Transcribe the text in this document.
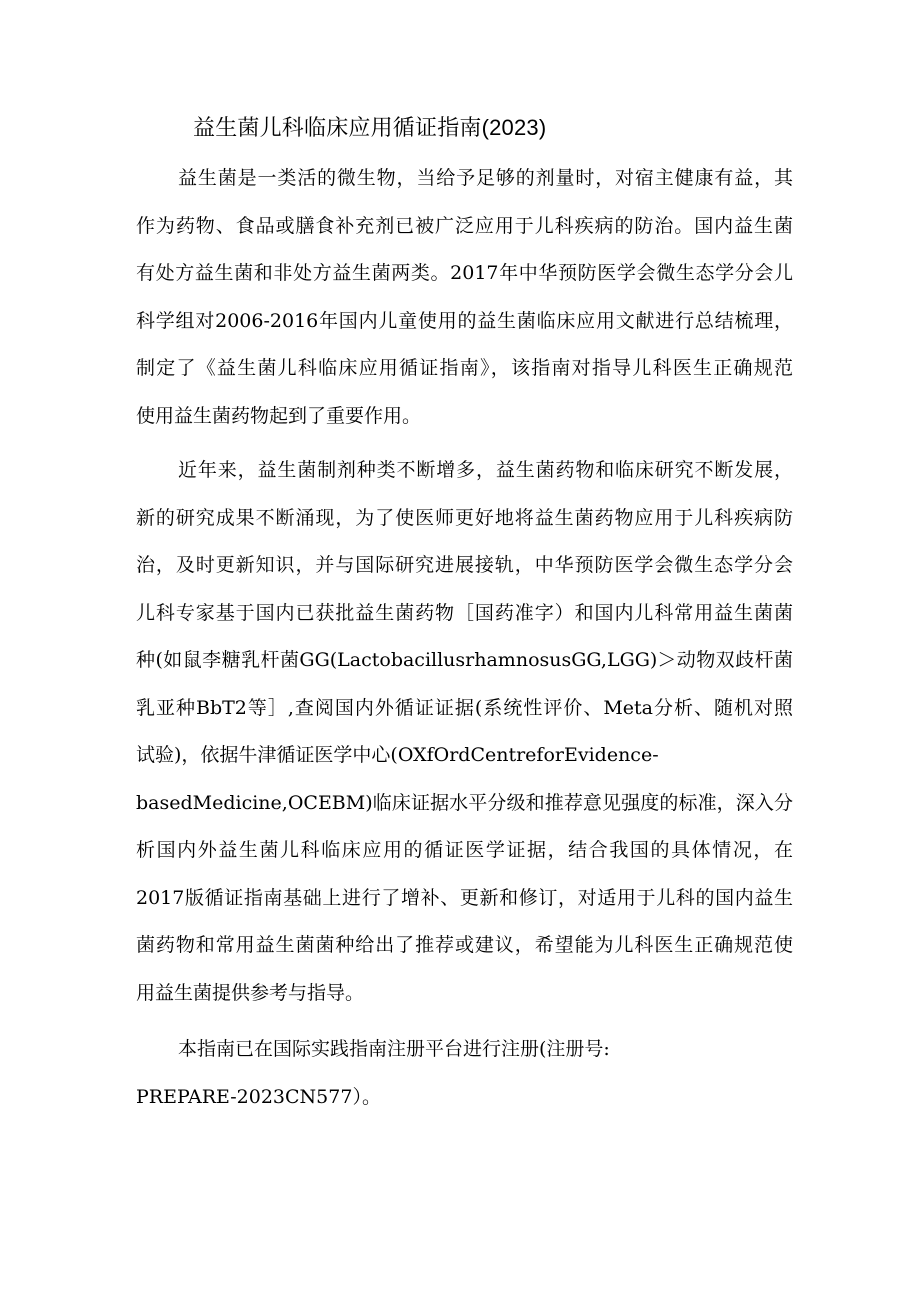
益生菌儿科临床应用循证指南(2023)
益生菌是一类活的微生物，当给予足够的剂量时，对宿主健康有益，其
作为药物、食品或膳食补充剂已被广泛应用于儿科疾病的防治。国内益生菌
有处方益生菌和非处方益生菌两类。2017年中华预防医学会微生态学分会儿
科学组对2006-2016年国内儿童使用的益生菌临床应用文献进行总结梳理，
制定了《益生菌儿科临床应用循证指南》，该指南对指导儿科医生正确规范
使用益生菌药物起到了重要作用。
近年来，益生菌制剂种类不断增多，益生菌药物和临床研究不断发展，
新的研究成果不断涌现，为了使医师更好地将益生菌药物应用于儿科疾病防
治，及时更新知识，并与国际研究进展接轨，中华预防医学会微生态学分会
儿科专家基于国内已获批益生菌药物［国药准字）和国内儿科常用益生菌菌
种(如鼠李糖乳杆菌GG(LactobacillusrhamnosusGG,LGG)＞动物双歧杆菌
乳亚种BbT2等］,查阅国内外循证证据(系统性评价、Meta分析、随机对照
试验)，依据牛津循证医学中心(OXfOrdCentreforEvidence-
basedMedicine,OCEBM)临床证据水平分级和推荐意见强度的标准，深入分
析国内外益生菌儿科临床应用的循证医学证据，结合我国的具体情况，在
2017版循证指南基础上进行了增补、更新和修订，对适用于儿科的国内益生
菌药物和常用益生菌菌种给出了推荐或建议，希望能为儿科医生正确规范使
用益生菌提供参考与指导。
本指南已在国际实践指南注册平台进行注册(注册号:
PREPARE-2023CN577）。
